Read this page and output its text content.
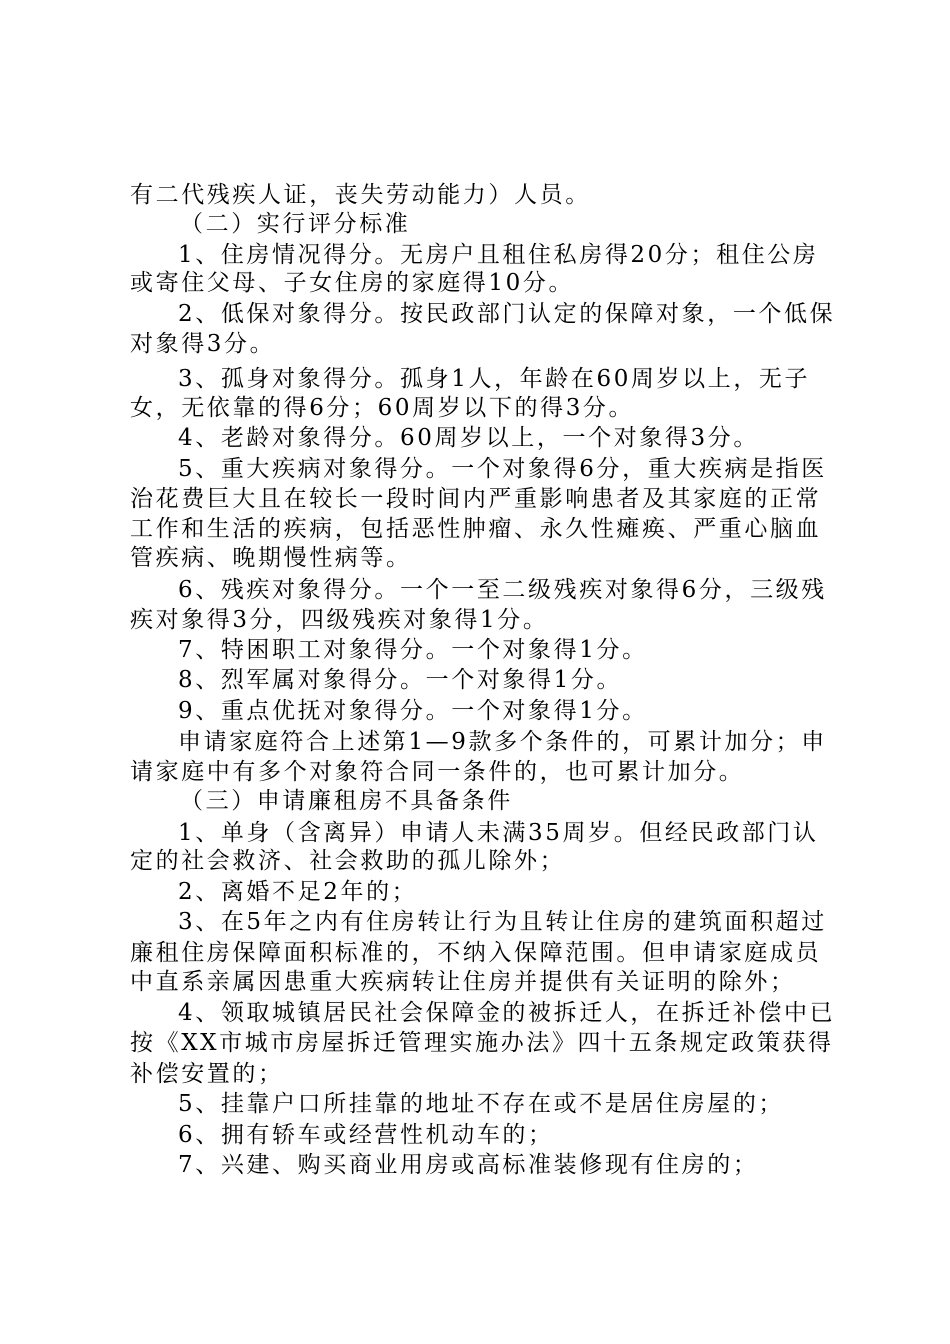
有二代残疾人证，丧失劳动能力）人员。
（二）实行评分标准
1、住房情况得分。无房户且租住私房得20分；租住公房
或寄住父母、子女住房的家庭得10分。
2、低保对象得分。按民政部门认定的保障对象，一个低保
对象得3分。
3、孤身对象得分。孤身1人，年龄在60周岁以上，无子
女，无依靠的得6分；60周岁以下的得3分。
4、老龄对象得分。60周岁以上，一个对象得3分。
5、重大疾病对象得分。一个对象得6分，重大疾病是指医
治花费巨大且在较长一段时间内严重影响患者及其家庭的正常
工作和生活的疾病，包括恶性肿瘤、永久性瘫痪、严重心脑血
管疾病、晚期慢性病等。
6、残疾对象得分。一个一至二级残疾对象得6分，三级残
疾对象得3分，四级残疾对象得1分。
7、特困职工对象得分。一个对象得1分。
8、烈军属对象得分。一个对象得1分。
9、重点优抚对象得分。一个对象得1分。
申请家庭符合上述第1—9款多个条件的，可累计加分；申
请家庭中有多个对象符合同一条件的，也可累计加分。
（三）申请廉租房不具备条件
1、单身（含离异）申请人未满35周岁。但经民政部门认
定的社会救济、社会救助的孤儿除外；
2、离婚不足2年的；
3、在5年之内有住房转让行为且转让住房的建筑面积超过
廉租住房保障面积标准的，不纳入保障范围。但申请家庭成员
中直系亲属因患重大疾病转让住房并提供有关证明的除外；
4、领取城镇居民社会保障金的被拆迁人，在拆迁补偿中已
按《XX市城市房屋拆迁管理实施办法》四十五条规定政策获得
补偿安置的；
5、挂靠户口所挂靠的地址不存在或不是居住房屋的；
6、拥有轿车或经营性机动车的；
7、兴建、购买商业用房或高标准装修现有住房的；
